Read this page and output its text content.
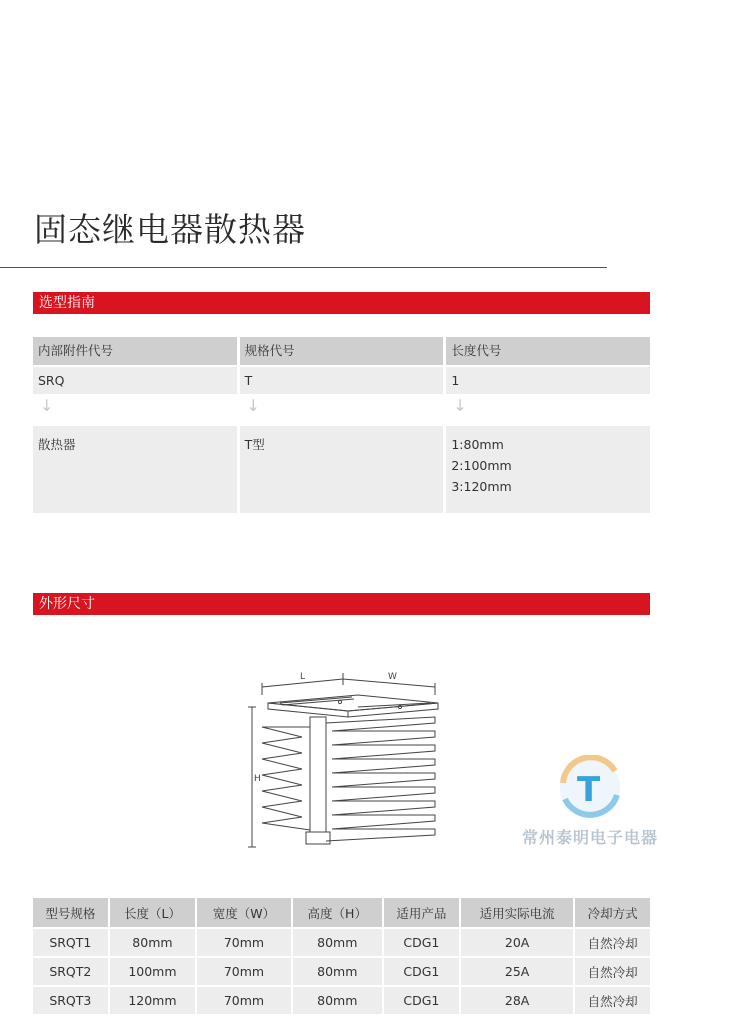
固态继电器散热器
选型指南
内部附件代号	规格代号	长度代号
SRQ	T	1
↓	↓	↓
散热器	T型	1:80mm
2:100mm
3:120mm
外形尺寸
L	W
H	T
常州泰明电子电器
型号规格	长度（L）	宽度（W）	高度（H）	适用产品	适用实际电流	冷却方式
SRQT1	80mm	70mm	80mm	CDG1	20A	自然冷却
SRQT2	100mm	70mm	80mm	CDG1	25A	自然冷却
SRQT3	120mm	70mm	80mm	CDG1	28A	自然冷却
